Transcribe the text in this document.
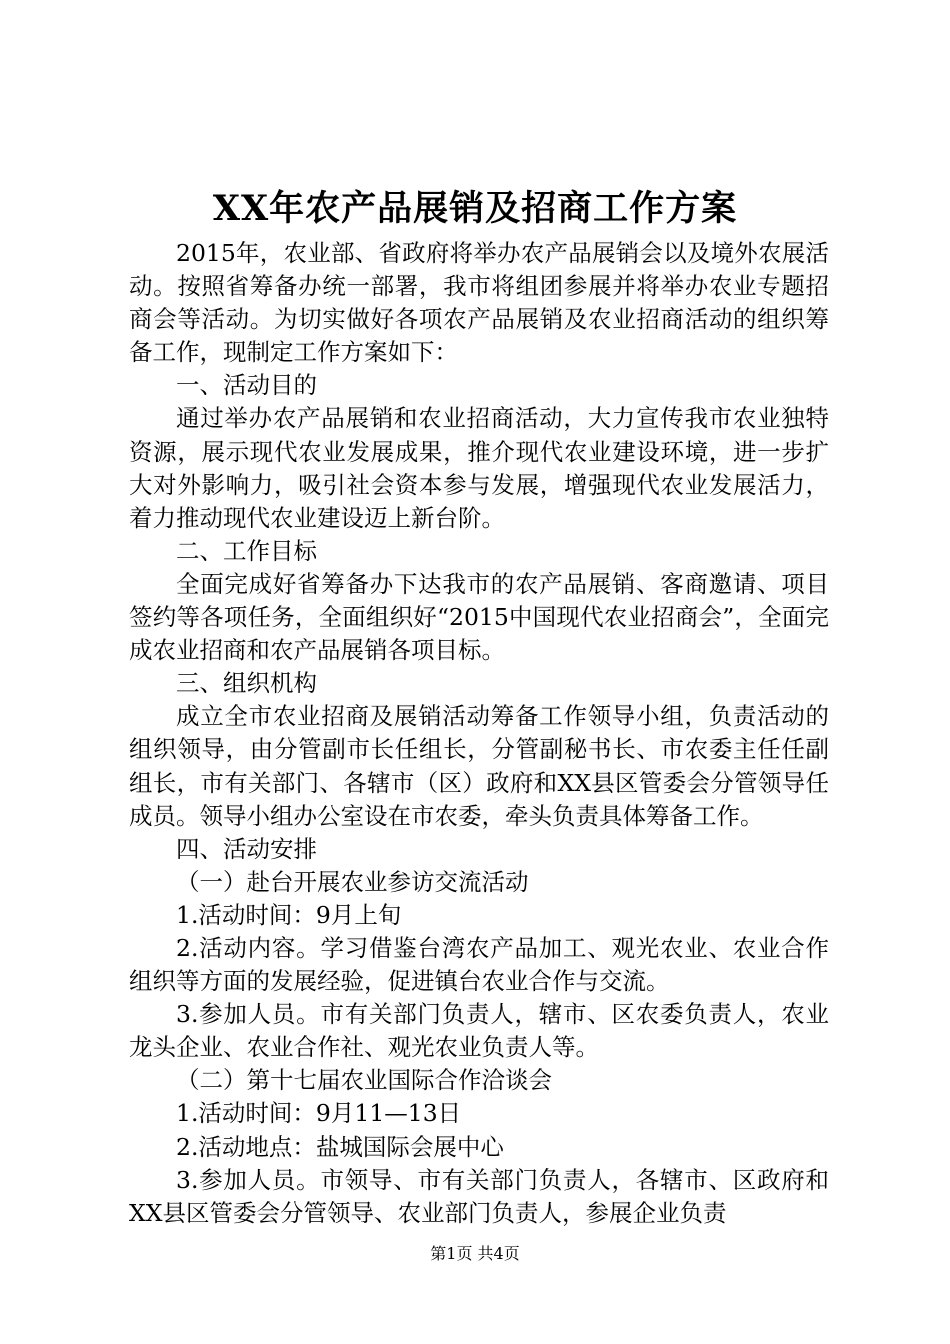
XX年农产品展销及招商工作方案

2015年，农业部、省政府将举办农产品展销会以及境外农展活动。按照省筹备办统一部署，我市将组团参展并将举办农业专题招商会等活动。为切实做好各项农产品展销及农业招商活动的组织筹备工作，现制定工作方案如下：

一、活动目的

通过举办农产品展销和农业招商活动，大力宣传我市农业独特资源，展示现代农业发展成果，推介现代农业建设环境，进一步扩大对外影响力，吸引社会资本参与发展，增强现代农业发展活力，着力推动现代农业建设迈上新台阶。

二、工作目标

全面完成好省筹备办下达我市的农产品展销、客商邀请、项目签约等各项任务，全面组织好“2015中国现代农业招商会”，全面完成农业招商和农产品展销各项目标。

三、组织机构

成立全市农业招商及展销活动筹备工作领导小组，负责活动的组织领导，由分管副市长任组长，分管副秘书长、市农委主任任副组长，市有关部门、各辖市（区）政府和XX县区管委会分管领导任成员。领导小组办公室设在市农委，牵头负责具体筹备工作。

四、活动安排

（一）赴台开展农业参访交流活动

1.活动时间：9月上旬

2.活动内容。学习借鉴台湾农产品加工、观光农业、农业合作组织等方面的发展经验，促进镇台农业合作与交流。

3.参加人员。市有关部门负责人，辖市、区农委负责人，农业龙头企业、农业合作社、观光农业负责人等。

（二）第十七届农业国际合作洽谈会

1.活动时间：9月11—13日

2.活动地点：盐城国际会展中心

3.参加人员。市领导、市有关部门负责人，各辖市、区政府和XX县区管委会分管领导、农业部门负责人，参展企业负责

第1页 共4页
